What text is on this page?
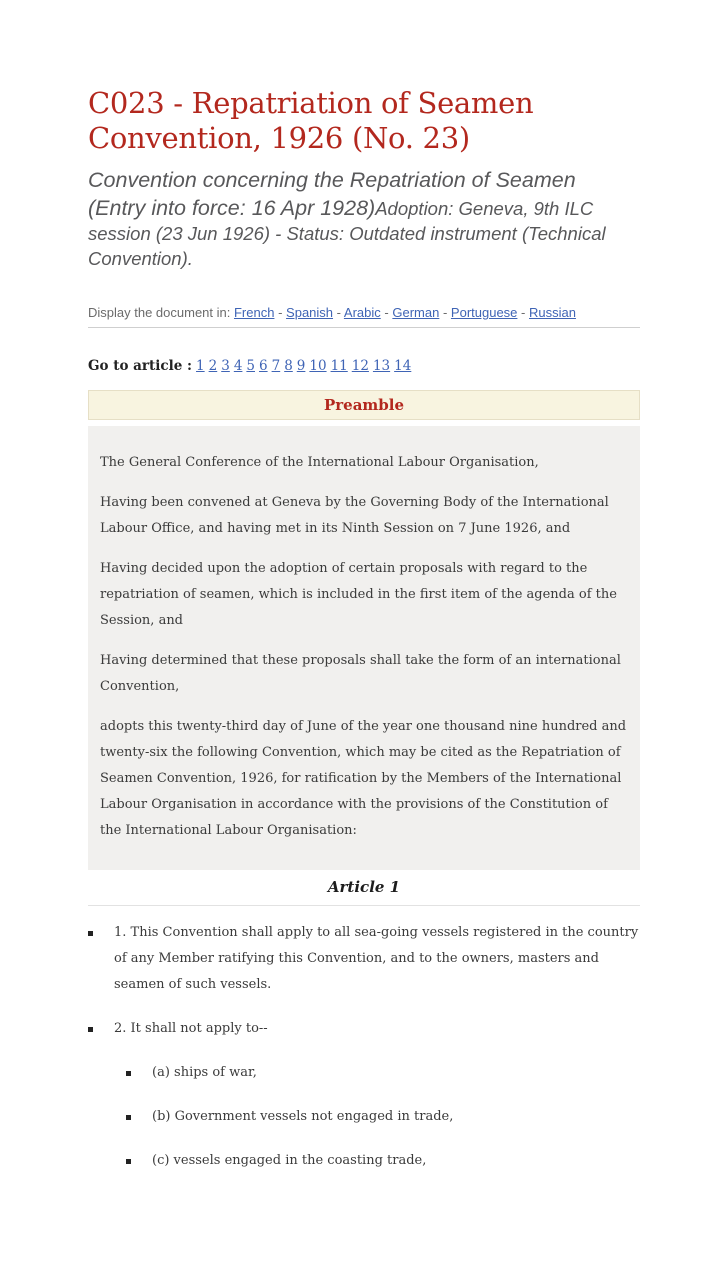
C023 - Repatriation of Seamen Convention, 1926 (No. 23)

Convention concerning the Repatriation of Seamen (Entry into force: 16 Apr 1928)Adoption: Geneva, 9th ILC session (23 Jun 1926) - Status: Outdated instrument (Technical Convention).

Display the document in: French - Spanish - Arabic - German - Portuguese - Russian
Go to article : 1 2 3 4 5 6 7 8 9 10 11 12 13 14
Preamble

The General Conference of the International Labour Organisation,

Having been convened at Geneva by the Governing Body of the International Labour Office, and having met in its Ninth Session on 7 June 1926, and

Having decided upon the adoption of certain proposals with regard to the repatriation of seamen, which is included in the first item of the agenda of the Session, and

Having determined that these proposals shall take the form of an international Convention,

adopts this twenty-third day of June of the year one thousand nine hundred and twenty-six the following Convention, which may be cited as the Repatriation of Seamen Convention, 1926, for ratification by the Members of the International Labour Organisation in accordance with the provisions of the Constitution of the International Labour Organisation:

Article 1
1. This Convention shall apply to all sea-going vessels registered in the country of any Member ratifying this Convention, and to the owners, masters and seamen of such vessels.
2. It shall not apply to--
(a) ships of war,
(b) Government vessels not engaged in trade,
(c) vessels engaged in the coasting trade,
